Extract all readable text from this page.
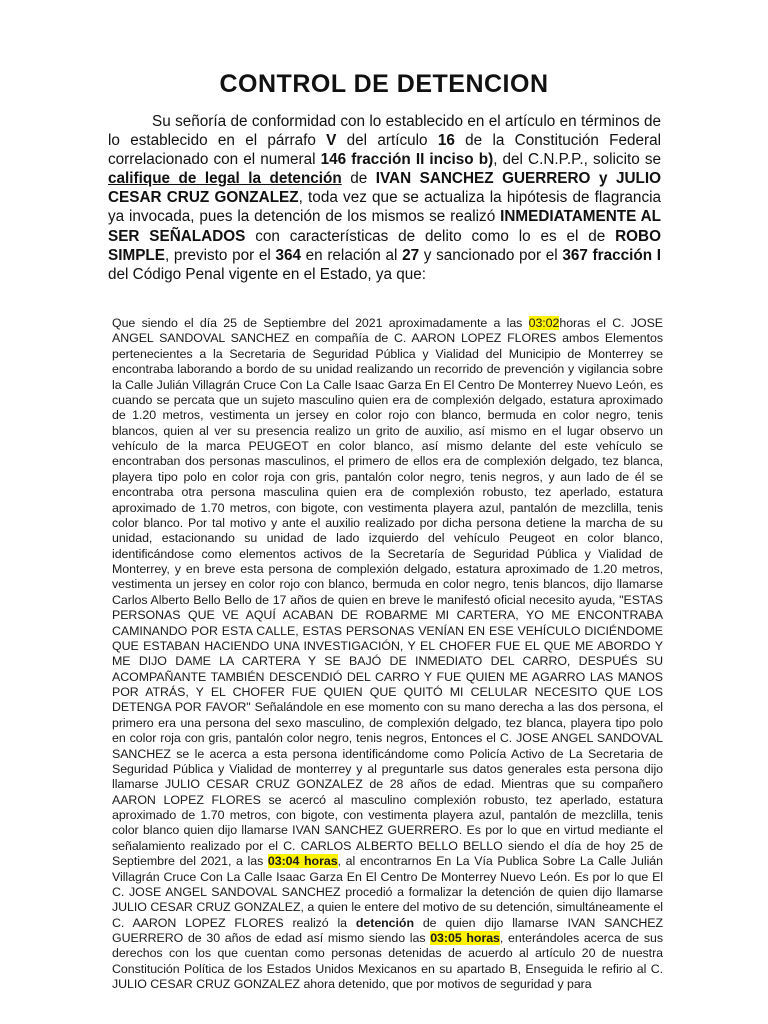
CONTROL DE DETENCION

Su señoría de conformidad con lo establecido en el artículo en términos de lo establecido en el párrafo V del artículo 16 de la Constitución Federal correlacionado con el numeral 146 fracción II inciso b), del C.N.P.P., solicito se califique de legal la detención de IVAN SANCHEZ GUERRERO y JULIO CESAR CRUZ GONZALEZ, toda vez que se actualiza la hipótesis de flagrancia ya invocada, pues la detención de los mismos se realizó INMEDIATAMENTE AL SER SEÑALADOS con características de delito como lo es el de ROBO SIMPLE, previsto por el 364 en relación al 27 y sancionado por el 367 fracción I del Código Penal vigente en el Estado, ya que:

Que siendo el día 25 de Septiembre del 2021 aproximadamente a las 03:02horas el C. JOSE ANGEL SANDOVAL SANCHEZ en compañía de C. AARON LOPEZ FLORES ambos Elementos pertenecientes a la Secretaria de Seguridad Pública y Vialidad del Municipio de Monterrey se encontraba laborando a bordo de su unidad realizando un recorrido de prevención y vigilancia sobre la Calle Julián Villagrán Cruce Con La Calle Isaac Garza En El Centro De Monterrey Nuevo León, es cuando se percata que un sujeto masculino quien era de complexión delgado, estatura aproximado de 1.20 metros, vestimenta un jersey en color rojo con blanco, bermuda en color negro, tenis blancos, quien al ver su presencia realizo un grito de auxilio, así mismo en el lugar observo un vehículo de la marca PEUGEOT en color blanco, así mismo delante del este vehículo se encontraban dos personas masculinos, el primero de ellos era de complexión delgado, tez blanca, playera tipo polo en color roja con gris, pantalón color negro, tenis negros, y aun lado de él se encontraba otra persona masculina quien era de complexión robusto, tez aperlado, estatura aproximado de 1.70 metros, con bigote, con vestimenta playera azul, pantalón de mezclilla, tenis color blanco. Por tal motivo y ante el auxilio realizado por dicha persona detiene la marcha de su unidad, estacionando su unidad de lado izquierdo del vehículo Peugeot en color blanco, identificándose como elementos activos de la Secretaría de Seguridad Pública y Vialidad de Monterrey, y en breve esta persona de complexión delgado, estatura aproximado de 1.20 metros, vestimenta un jersey en color rojo con blanco, bermuda en color negro, tenis blancos, dijo llamarse Carlos Alberto Bello Bello de 17 años de quien en breve le manifestó oficial necesito ayuda, "ESTAS PERSONAS QUE VE AQUÍ ACABAN DE ROBARME MI CARTERA, YO ME ENCONTRABA CAMINANDO POR ESTA CALLE, ESTAS PERSONAS VENÍAN EN ESE VEHÍCULO DICIÉNDOME QUE ESTABAN HACIENDO UNA INVESTIGACIÓN, Y EL CHOFER FUE EL QUE ME ABORDO Y ME DIJO DAME LA CARTERA Y SE BAJÓ DE INMEDIATO DEL CARRO, DESPUÉS SU ACOMPAÑANTE TAMBIÉN DESCENDIÓ DEL CARRO Y FUE QUIEN ME AGARRO LAS MANOS POR ATRÁS, Y EL CHOFER FUE QUIEN QUE QUITÓ MI CELULAR NECESITO QUE LOS DETENGA POR FAVOR" Señalándole en ese momento con su mano derecha a las dos persona, el primero era una persona del sexo masculino, de complexión delgado, tez blanca, playera tipo polo en color roja con gris, pantalón color negro, tenis negros, Entonces el C. JOSE ANGEL SANDOVAL SANCHEZ se le acerca a esta persona identificándome como Policía Activo de La Secretaria de Seguridad Pública y Vialidad de monterrey y al preguntarle sus datos generales esta persona dijo llamarse JULIO CESAR CRUZ GONZALEZ de 28 años de edad. Mientras que su compañero AARON LOPEZ FLORES se acercó al masculino complexión robusto, tez aperlado, estatura aproximado de 1.70 metros, con bigote, con vestimenta playera azul, pantalón de mezclilla, tenis color blanco quien dijo llamarse IVAN SANCHEZ GUERRERO. Es por lo que en virtud mediante el señalamiento realizado por el C. CARLOS ALBERTO BELLO BELLO siendo el día de hoy 25 de Septiembre del 2021, a las 03:04 horas, al encontrarnos En La Vía Publica Sobre La Calle Julián Villagrán Cruce Con La Calle Isaac Garza En El Centro De Monterrey Nuevo León. Es por lo que El C. JOSE ANGEL SANDOVAL SANCHEZ procedió a formalizar la detención de quien dijo llamarse JULIO CESAR CRUZ GONZALEZ, a quien le entere del motivo de su detención, simultáneamente el C. AARON LOPEZ FLORES realizó la detención de quien dijo llamarse IVAN SANCHEZ GUERRERO de 30 años de edad así mismo siendo las 03:05 horas, enterándoles acerca de sus derechos con los que cuentan como personas detenidas de acuerdo al artículo 20 de nuestra Constitución Política de los Estados Unidos Mexicanos en su apartado B, Enseguida le refirio al C. JULIO CESAR CRUZ GONZALEZ ahora detenido, que por motivos de seguridad y para
